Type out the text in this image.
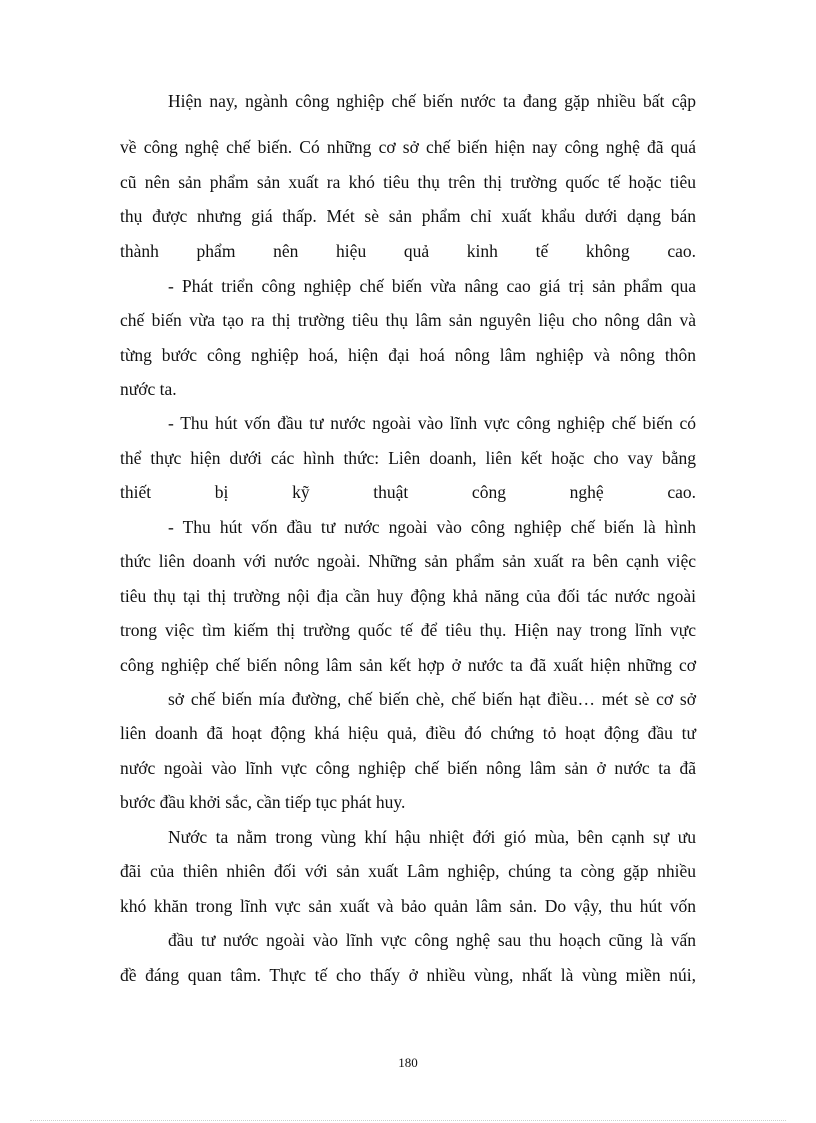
Hiện nay, ngành công nghiệp chế biến nước ta đang gặp nhiều bất cập
về công nghệ chế biến. Có những cơ sở chế biến hiện nay công nghệ đã quá
cũ nên sản phẩm sản xuất ra khó tiêu thụ trên thị trường quốc tế hoặc tiêu
thụ được nhưng giá thấp. Mét sè sản phẩm chỉ xuất khẩu dưới dạng bán
thành phẩm nên hiệu quả kinh tế không cao.
- Phát triển công nghiệp chế biến vừa nâng cao giá trị sản phẩm qua
chế biến vừa tạo ra thị trường tiêu thụ lâm sản nguyên liệu cho nông dân và
từng bước công nghiệp hoá, hiện đại hoá nông lâm nghiệp và nông thôn
nước ta.
- Thu hút vốn đầu tư nước ngoài vào lĩnh vực công nghiệp chế biến có
thể thực hiện dưới các hình thức: Liên doanh, liên kết hoặc cho vay bằng
thiết bị kỹ thuật công nghệ cao.
- Thu hút vốn đầu tư nước ngoài vào công nghiệp chế biến là hình
thức liên doanh với nước ngoài. Những sản phẩm sản xuất ra bên cạnh việc
tiêu thụ tại thị trường nội địa cần huy động khả năng của đối tác nước ngoài
trong việc tìm kiếm thị trường quốc tế để tiêu thụ. Hiện nay trong lĩnh vực
công nghiệp chế biến nông lâm sản kết hợp ở nước ta đã xuất hiện những cơ
sở chế biến mía đường, chế biến chè, chế biến hạt điều… mét sè cơ sở
liên doanh đã hoạt động khá hiệu quả, điều đó chứng tỏ hoạt động đầu tư
nước ngoài vào lĩnh vực công nghiệp chế biến nông lâm sản ở nước ta đã
bước đầu khởi sắc, cần tiếp tục phát huy.
Nước ta nằm trong vùng khí hậu nhiệt đới gió mùa, bên cạnh sự ưu
đãi của thiên nhiên đối với sản xuất Lâm nghiệp, chúng ta còng gặp nhiều
khó khăn trong lĩnh vực sản xuất và bảo quản lâm sản. Do vậy, thu hút vốn
đầu tư nước ngoài vào lĩnh vực công nghệ sau thu hoạch cũng là vấn
đề đáng quan tâm. Thực tế cho thấy ở nhiều vùng, nhất là vùng miền núi,
180
